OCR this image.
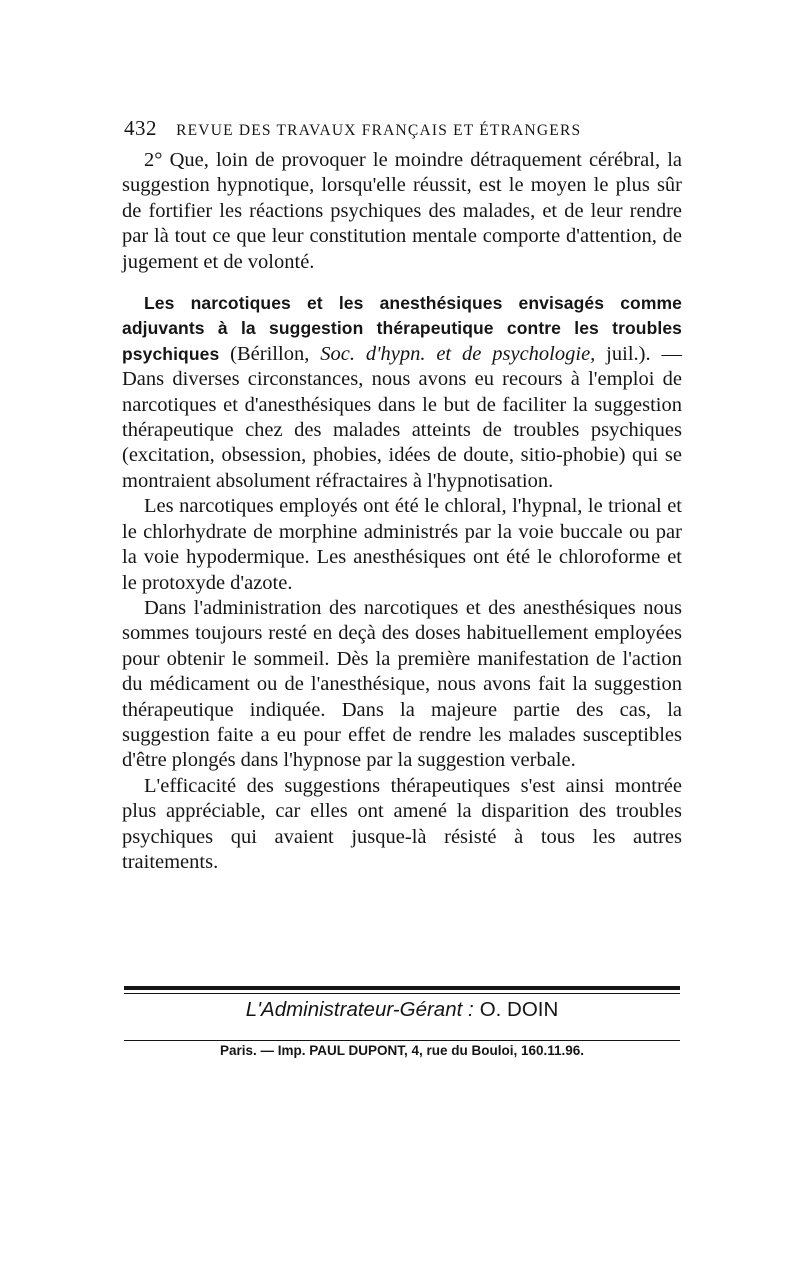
432 REVUE DES TRAVAUX FRANÇAIS ET ÉTRANGERS

2° Que, loin de provoquer le moindre détraquement cérébral, la suggestion hypnotique, lorsqu'elle réussit, est le moyen le plus sûr de fortifier les réactions psychiques des malades, et de leur rendre par là tout ce que leur constitution mentale comporte d'attention, de jugement et de volonté.

Les narcotiques et les anesthésiques envisagés comme adjuvants à la suggestion thérapeutique contre les troubles psychiques (Bérillon, Soc. d'hypn. et de psychologie, juil.). — Dans diverses circonstances, nous avons eu recours à l'emploi de narcotiques et d'anesthésiques dans le but de faciliter la suggestion thérapeutique chez des malades atteints de troubles psychiques (excitation, obsession, phobies, idées de doute, sitio-phobie) qui se montraient absolument réfractaires à l'hypnotisation.

Les narcotiques employés ont été le chloral, l'hypnal, le trional et le chlorhydrate de morphine administrés par la voie buccale ou par la voie hypodermique. Les anesthésiques ont été le chloroforme et le protoxyde d'azote.

Dans l'administration des narcotiques et des anesthésiques nous sommes toujours resté en deçà des doses habituellement employées pour obtenir le sommeil. Dès la première manifestation de l'action du médicament ou de l'anesthésique, nous avons fait la suggestion thérapeutique indiquée. Dans la majeure partie des cas, la suggestion faite a eu pour effet de rendre les malades susceptibles d'être plongés dans l'hypnose par la suggestion verbale.

L'efficacité des suggestions thérapeutiques s'est ainsi montrée plus appréciable, car elles ont amené la disparition des troubles psychiques qui avaient jusque-là résisté à tous les autres traitements.

L'Administrateur-Gérant : O. DOIN
Paris. — Imp. PAUL DUPONT, 4, rue du Bouloi, 160.11.96.
